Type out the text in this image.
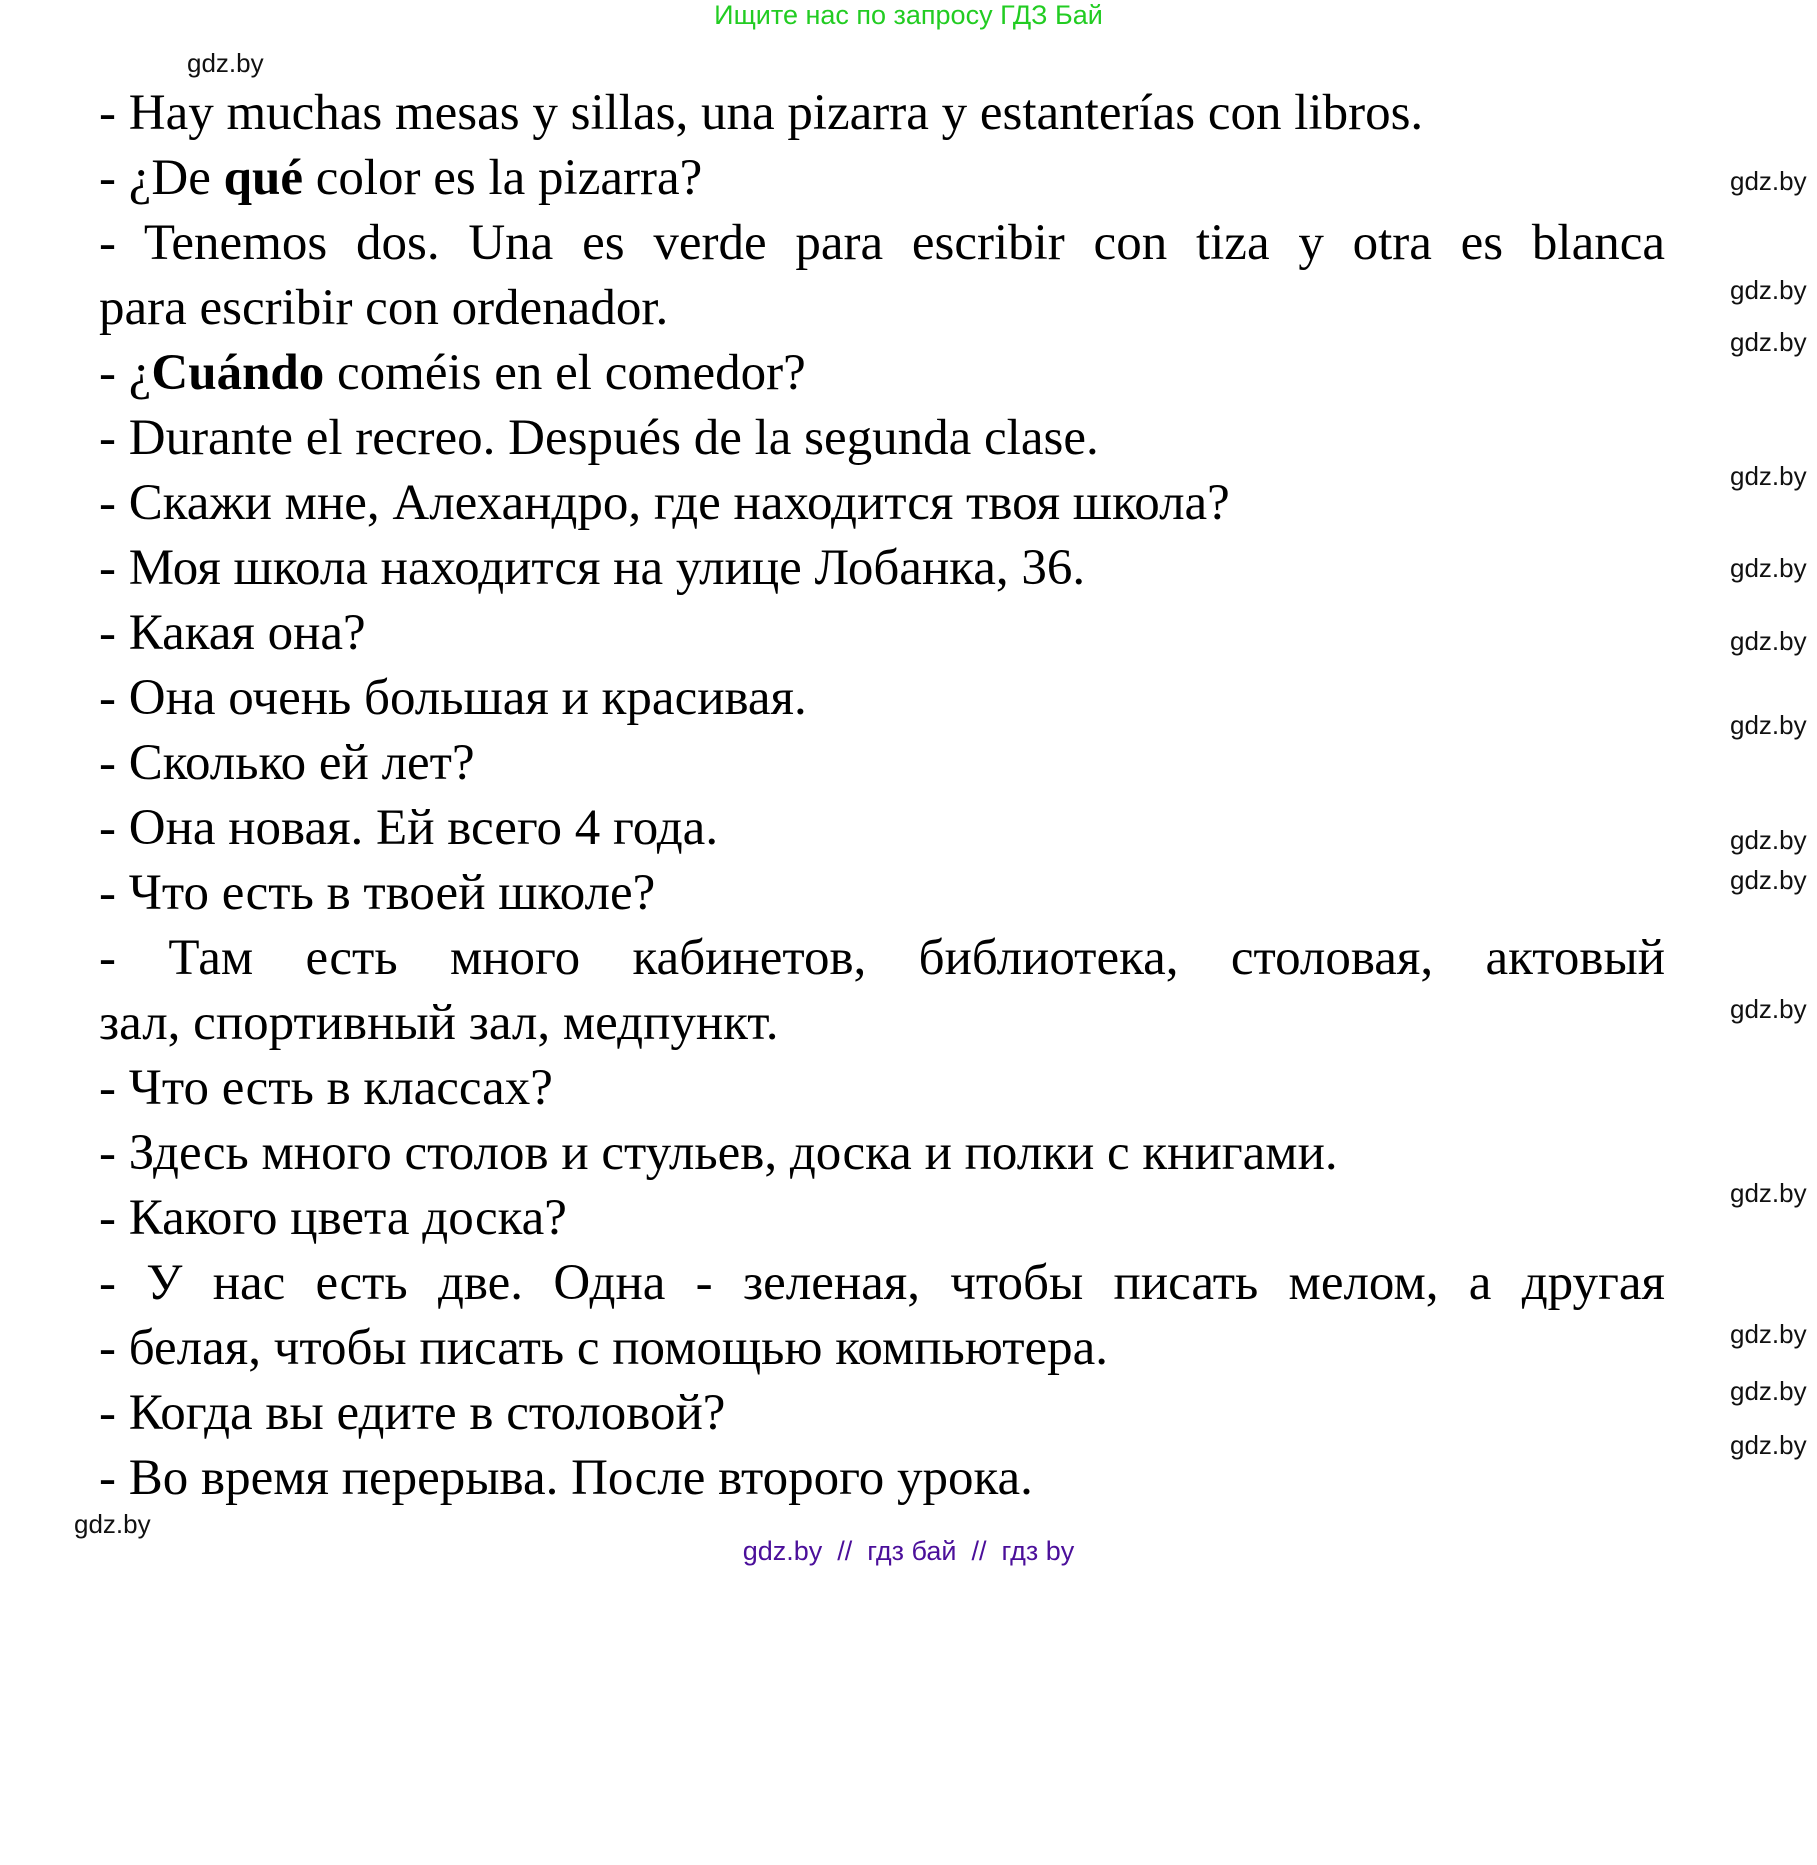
Ищите нас по запросу ГДЗ Бай
- Hay muchas mesas y sillas, una pizarra y estanterías con libros.
- ¿De qué color es la pizarra?
- Tenemos dos. Una es verde para escribir con tiza y otra es blanca
para escribir con ordenador.
- ¿Cuándo coméis en el comedor?
- Durante el recreo. Después de la segunda clase.
- Скажи мне, Алехандро, где находится твоя школа?
- Моя школа находится на улице Лобанка, 36.
- Какая она?
- Она очень большая и красивая.
- Сколько ей лет?
- Она новая. Ей всего 4 года.
- Что есть в твоей школе?
- Там есть много кабинетов, библиотека, столовая, актовый
зал, спортивный зал, медпункт.
- Что есть в классах?
- Здесь много столов и стульев, доска и полки с книгами.
- Какого цвета доска?
- У нас есть две. Одна - зеленая, чтобы писать мелом, а другая
- белая, чтобы писать с помощью компьютера.
- Когда вы едите в столовой?
- Во время перерыва. После второго урока.
gdz.by
gdz.by
gdz.by
gdz.by
gdz.by
gdz.by
gdz.by
gdz.by
gdz.by
gdz.by
gdz.by
gdz.by
gdz.by
gdz.by
gdz.by
gdz.by
gdz.by  //  гдз бай  //  гдз by
